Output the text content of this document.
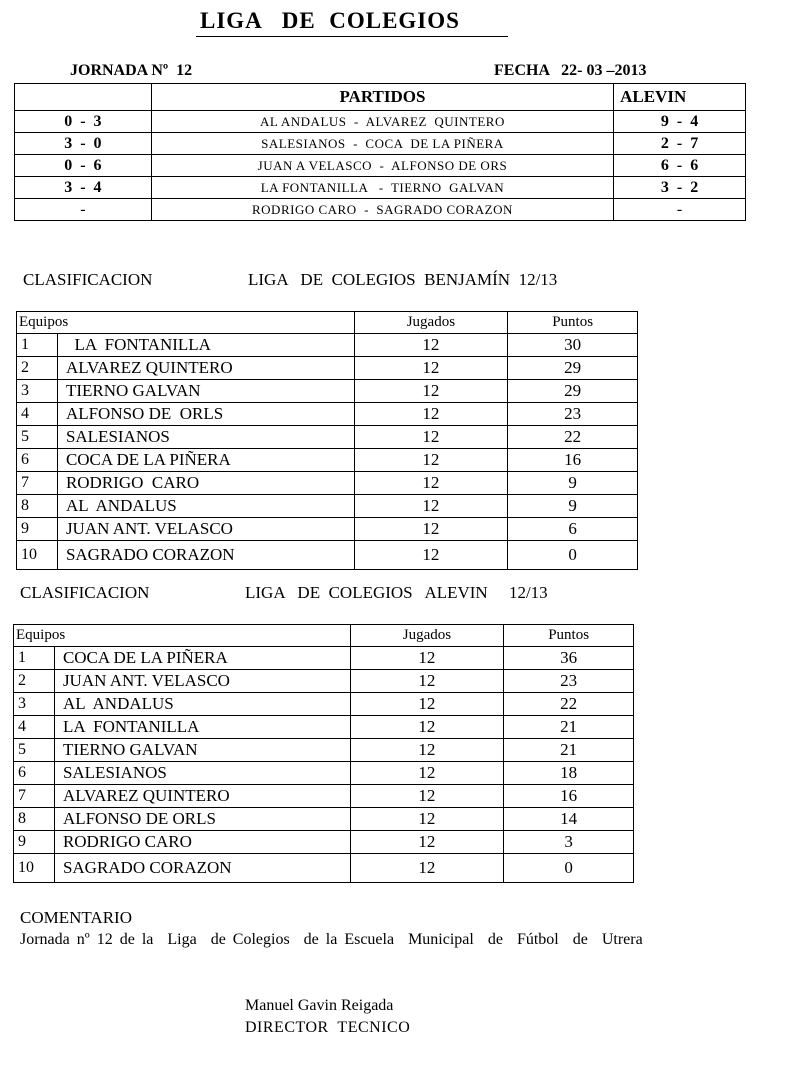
LIGA   DE  COLEGIOS
JORNADA Nº  12	FECHA   22- 03 –2013
	PARTIDOS	ALEVIN
0  -  3	AL ANDALUS  -  ALVAREZ  QUINTERO	9  -  4
3  -  0	SALESIANOS  -  COCA  DE LA PIÑERA	2  -  7
0  -  6	JUAN A VELASCO  -  ALFONSO DE ORS	6  -  6
3  -  4	LA FONTANILLA   -  TIERNO  GALVAN	3  -  2
-	RODRIGO CARO  -  SAGRADO CORAZON	-
CLASIFICACION	LIGA   DE  COLEGIOS  BENJAMÍN  12/13
Equipos		Jugados	Puntos
1	LA  FONTANILLA	12	30
2	ALVAREZ QUINTERO	12	29
3	TIERNO GALVAN	12	29
4	ALFONSO DE  ORLS	12	23
5	SALESIANOS	12	22
6	COCA DE LA PIÑERA	12	16
7	RODRIGO  CARO	12	9
8	AL  ANDALUS	12	9
9	JUAN ANT. VELASCO	12	6
10	SAGRADO CORAZON	12	0
CLASIFICACION	LIGA   DE  COLEGIOS   ALEVIN     12/13
Equipos		Jugados	Puntos
1	COCA DE LA PIÑERA	12	36
2	JUAN ANT. VELASCO	12	23
3	AL  ANDALUS	12	22
4	LA  FONTANILLA	12	21
5	TIERNO GALVAN	12	21
6	SALESIANOS	12	18
7	ALVAREZ QUINTERO	12	16
8	ALFONSO DE ORLS	12	14
9	RODRIGO CARO	12	3
10	SAGRADO CORAZON	12	0
COMENTARIO
Jornada nº 12 de la  Liga  de Colegios  de la Escuela  Municipal  de  Fútbol  de  Utrera
Manuel Gavin Reigada
DIRECTOR  TECNICO
